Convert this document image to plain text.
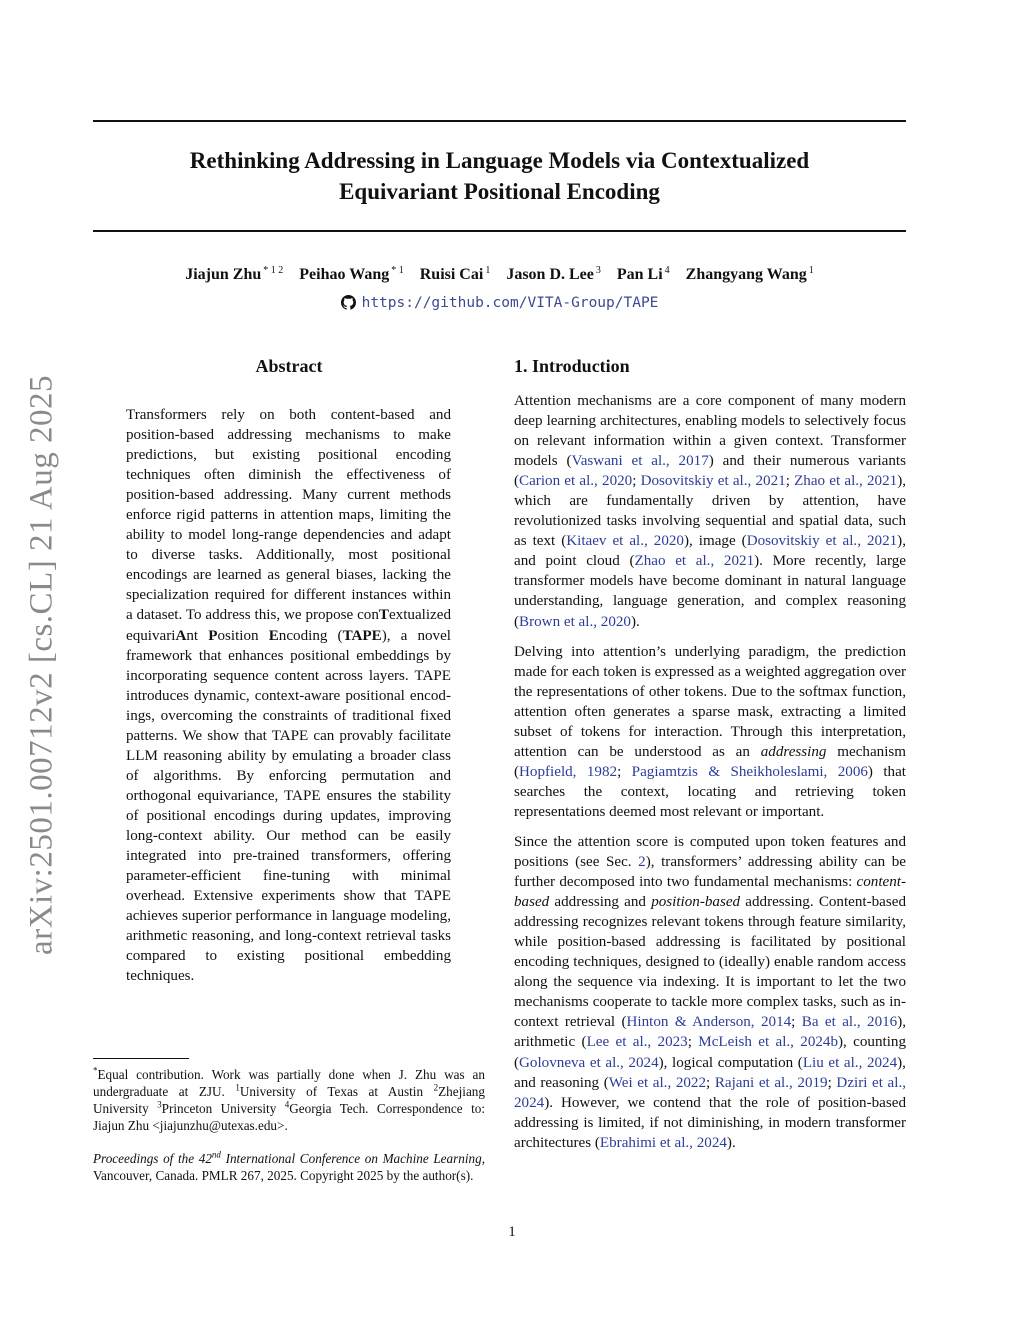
Rethinking Addressing in Language Models via Contextualized
Equivariant Positional Encoding
Jiajun Zhu $^{* 1 2}$ Peihao Wang $^{* 1}$ Ruisi Cai $^1$ Jason D. Lee $^3$ Pan Li $^4$ Zhangyang Wang $^1$
https://github.com/VITA-Group/TAPE
arXiv:2501.00712v2 [cs.CL] 21 Aug 2025
Abstract

Transformers rely on both content-based and position-based addressing mechanisms to make predictions, but existing positional encoding techniques often diminish the effectiveness of position-based addressing. Many current methods enforce rigid patterns in attention maps, limiting the ability to model long-range dependencies and adapt to diverse tasks. Additionally, most positional encodings are learned as general biases, lacking the specialization required for different instances within a dataset. To address this, we propose conTextualized equivariAnt Position Encoding (TAPE), a novel framework that enhances positional embeddings by incorporating sequence content across layers. TAPE introduces dynamic, context-aware positional encodings, overcoming the constraints of traditional fixed patterns. We show that TAPE can provably facilitate LLM reasoning ability by emulating a broader class of algorithms. By enforcing permutation and orthogonal equivariance, TAPE ensures the stability of positional encodings during updates, improving long-context ability. Our method can be easily integrated into pre-trained transformers, offering parameter-efficient fine-tuning with minimal overhead. Extensive experiments show that TAPE achieves superior performance in language modeling, arithmetic reasoning, and long-context retrieval tasks compared to existing positional embedding techniques.

*Equal contribution. Work was partially done when J. Zhu was an undergraduate at ZJU. $^1$University of Texas at Austin $^2$Zhejiang University $^3$Princeton University $^4$Georgia Tech. Correspondence to: Jiajun Zhu <jiajunzhu@utexas.edu>.
Proceedings of the 42nd International Conference on Machine Learning, Vancouver, Canada. PMLR 267, 2025. Copyright 2025 by the author(s).
1. Introduction

Attention mechanisms are a core component of many modern deep learning architectures, enabling models to selectively focus on relevant information within a given context. Transformer models (Vaswani et al., 2017) and their numerous variants (Carion et al., 2020; Dosovitskiy et al., 2021; Zhao et al., 2021), which are fundamentally driven by attention, have revolutionized tasks involving sequential and spatial data, such as text (Kitaev et al., 2020), image (Dosovitskiy et al., 2021), and point cloud (Zhao et al., 2021). More recently, large transformer models have become dominant in natural language understanding, language generation, and complex reasoning (Brown et al., 2020).

Delving into attention’s underlying paradigm, the prediction made for each token is expressed as a weighted aggregation over the representations of other tokens. Due to the softmax function, attention often generates a sparse mask, extracting a limited subset of tokens for interaction. Through this interpretation, attention can be understood as an addressing mechanism (Hopfield, 1982; Pagiamtzis & Sheikholeslami, 2006) that searches the context, locating and retrieving token representations deemed most relevant or important.

Since the attention score is computed upon token features and positions (see Sec. 2), transformers’ addressing ability can be further decomposed into two fundamental mechanisms: content-based addressing and position-based addressing. Content-based addressing recognizes relevant tokens through feature similarity, while position-based addressing is facilitated by positional encoding techniques, designed to (ideally) enable random access along the sequence via indexing. It is important to let the two mechanisms cooperate to tackle more complex tasks, such as in-context retrieval (Hinton & Anderson, 2014; Ba et al., 2016), arithmetic (Lee et al., 2023; McLeish et al., 2024b), counting (Golovneva et al., 2024), logical computation (Liu et al., 2024), and reasoning (Wei et al., 2022; Rajani et al., 2019; Dziri et al., 2024). However, we contend that the role of position-based addressing is limited, if not diminishing, in modern transformer architectures (Ebrahimi et al., 2024).

1
